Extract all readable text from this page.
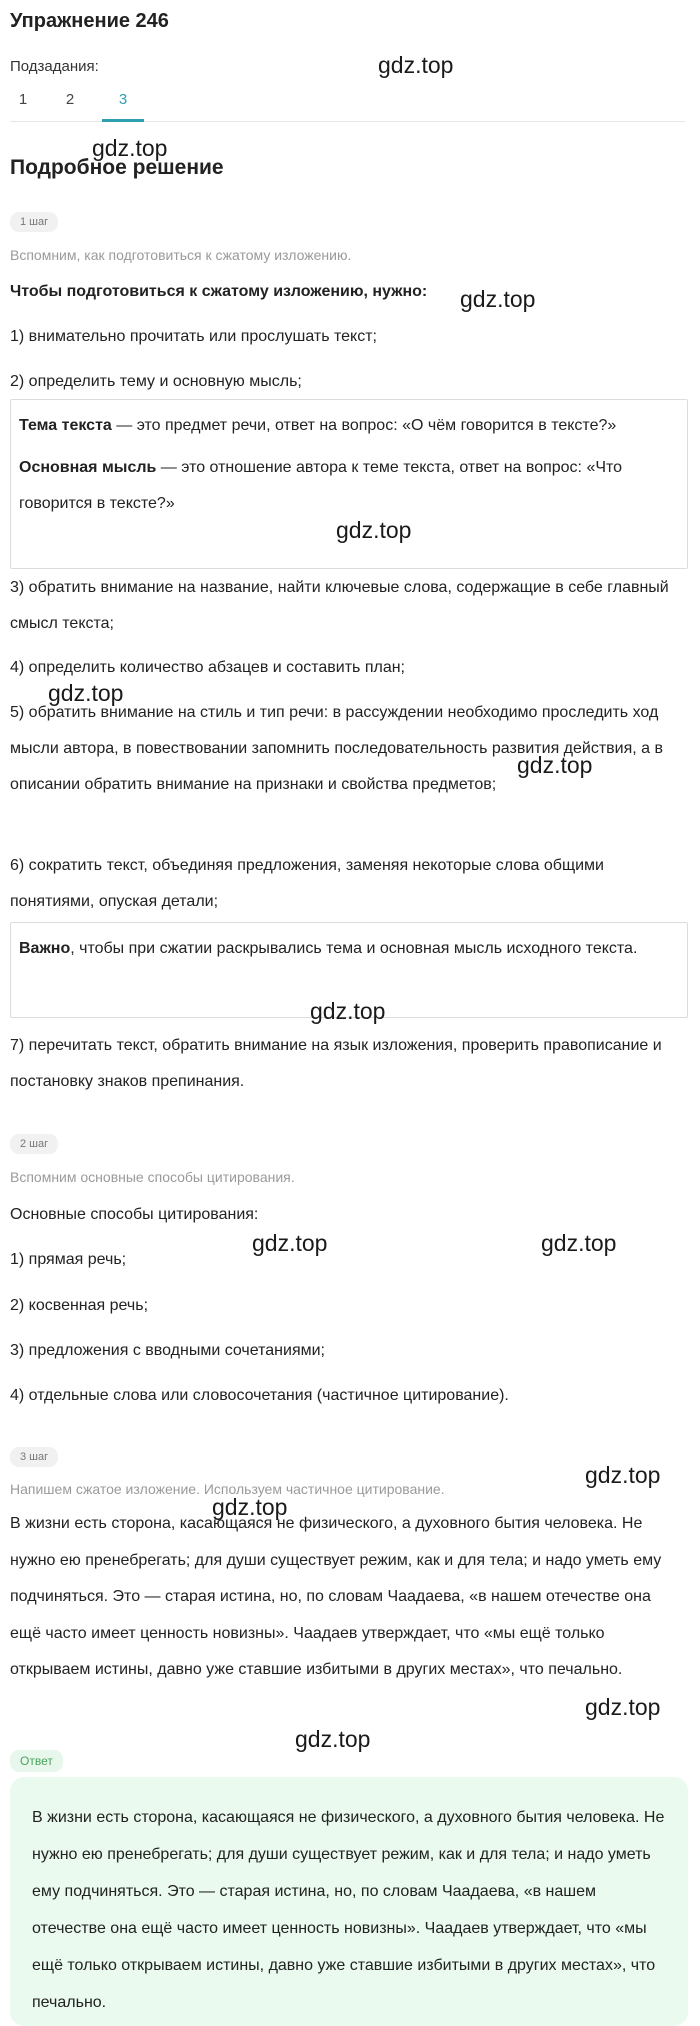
Упражнение 246
Подзадания:
1	2	3
Подробное решение
1 шаг
Вспомним, как подготовиться к сжатому изложению.
Чтобы подготовиться к сжатому изложению, нужно:
1) внимательно прочитать или прослушать текст;
2) определить тему и основную мысль;

Тема текста — это предмет речи, ответ на вопрос: «О чём говорится в тексте?»

Основная мысль — это отношение автора к теме текста, ответ на вопрос: «Что говорится в тексте?»

3) обратить внимание на название, найти ключевые слова, содержащие в себе главный смысл текста;
4) определить количество абзацев и составить план;
5) обратить внимание на стиль и тип речи: в рассуждении необходимо проследить ход мысли автора, в повествовании запомнить последовательность развития действия, а в описании обратить внимание на признаки и свойства предметов;
6) сократить текст, объединяя предложения, заменяя некоторые слова общими понятиями, опуская детали;

Важно, чтобы при сжатии раскрывались тема и основная мысль исходного текста.

7) перечитать текст, обратить внимание на язык изложения, проверить правописание и постановку знаков препинания.
2 шаг
Вспомним основные способы цитирования.
Основные способы цитирования:
1) прямая речь;
2) косвенная речь;
3) предложения с вводными сочетаниями;
4) отдельные слова или словосочетания (частичное цитирование).
3 шаг
Напишем сжатое изложение. Используем частичное цитирование.
В жизни есть сторона, касающаяся не физического, а духовного бытия человека. Не нужно ею пренебрегать; для души существует режим, как и для тела; и надо уметь ему подчиняться. Это — старая истина, но, по словам Чаадаева, «в нашем отечестве она ещё часто имеет ценность новизны». Чаадаев утверждает, что «мы ещё только открываем истины, давно уже ставшие избитыми в других местах», что печально.
Ответ
В жизни есть сторона, касающаяся не физического, а духовного бытия человека. Не нужно ею пренебрегать; для души существует режим, как и для тела; и надо уметь ему подчиняться. Это — старая истина, но, по словам Чаадаева, «в нашем отечестве она ещё часто имеет ценность новизны». Чаадаев утверждает, что «мы ещё только открываем истины, давно уже ставшие избитыми в других местах», что печально.
gdz.top
gdz.top
gdz.top
gdz.top
gdz.top
gdz.top
gdz.top
gdz.top	gdz.top
gdz.top
gdz.top
gdz.top
gdz.top
